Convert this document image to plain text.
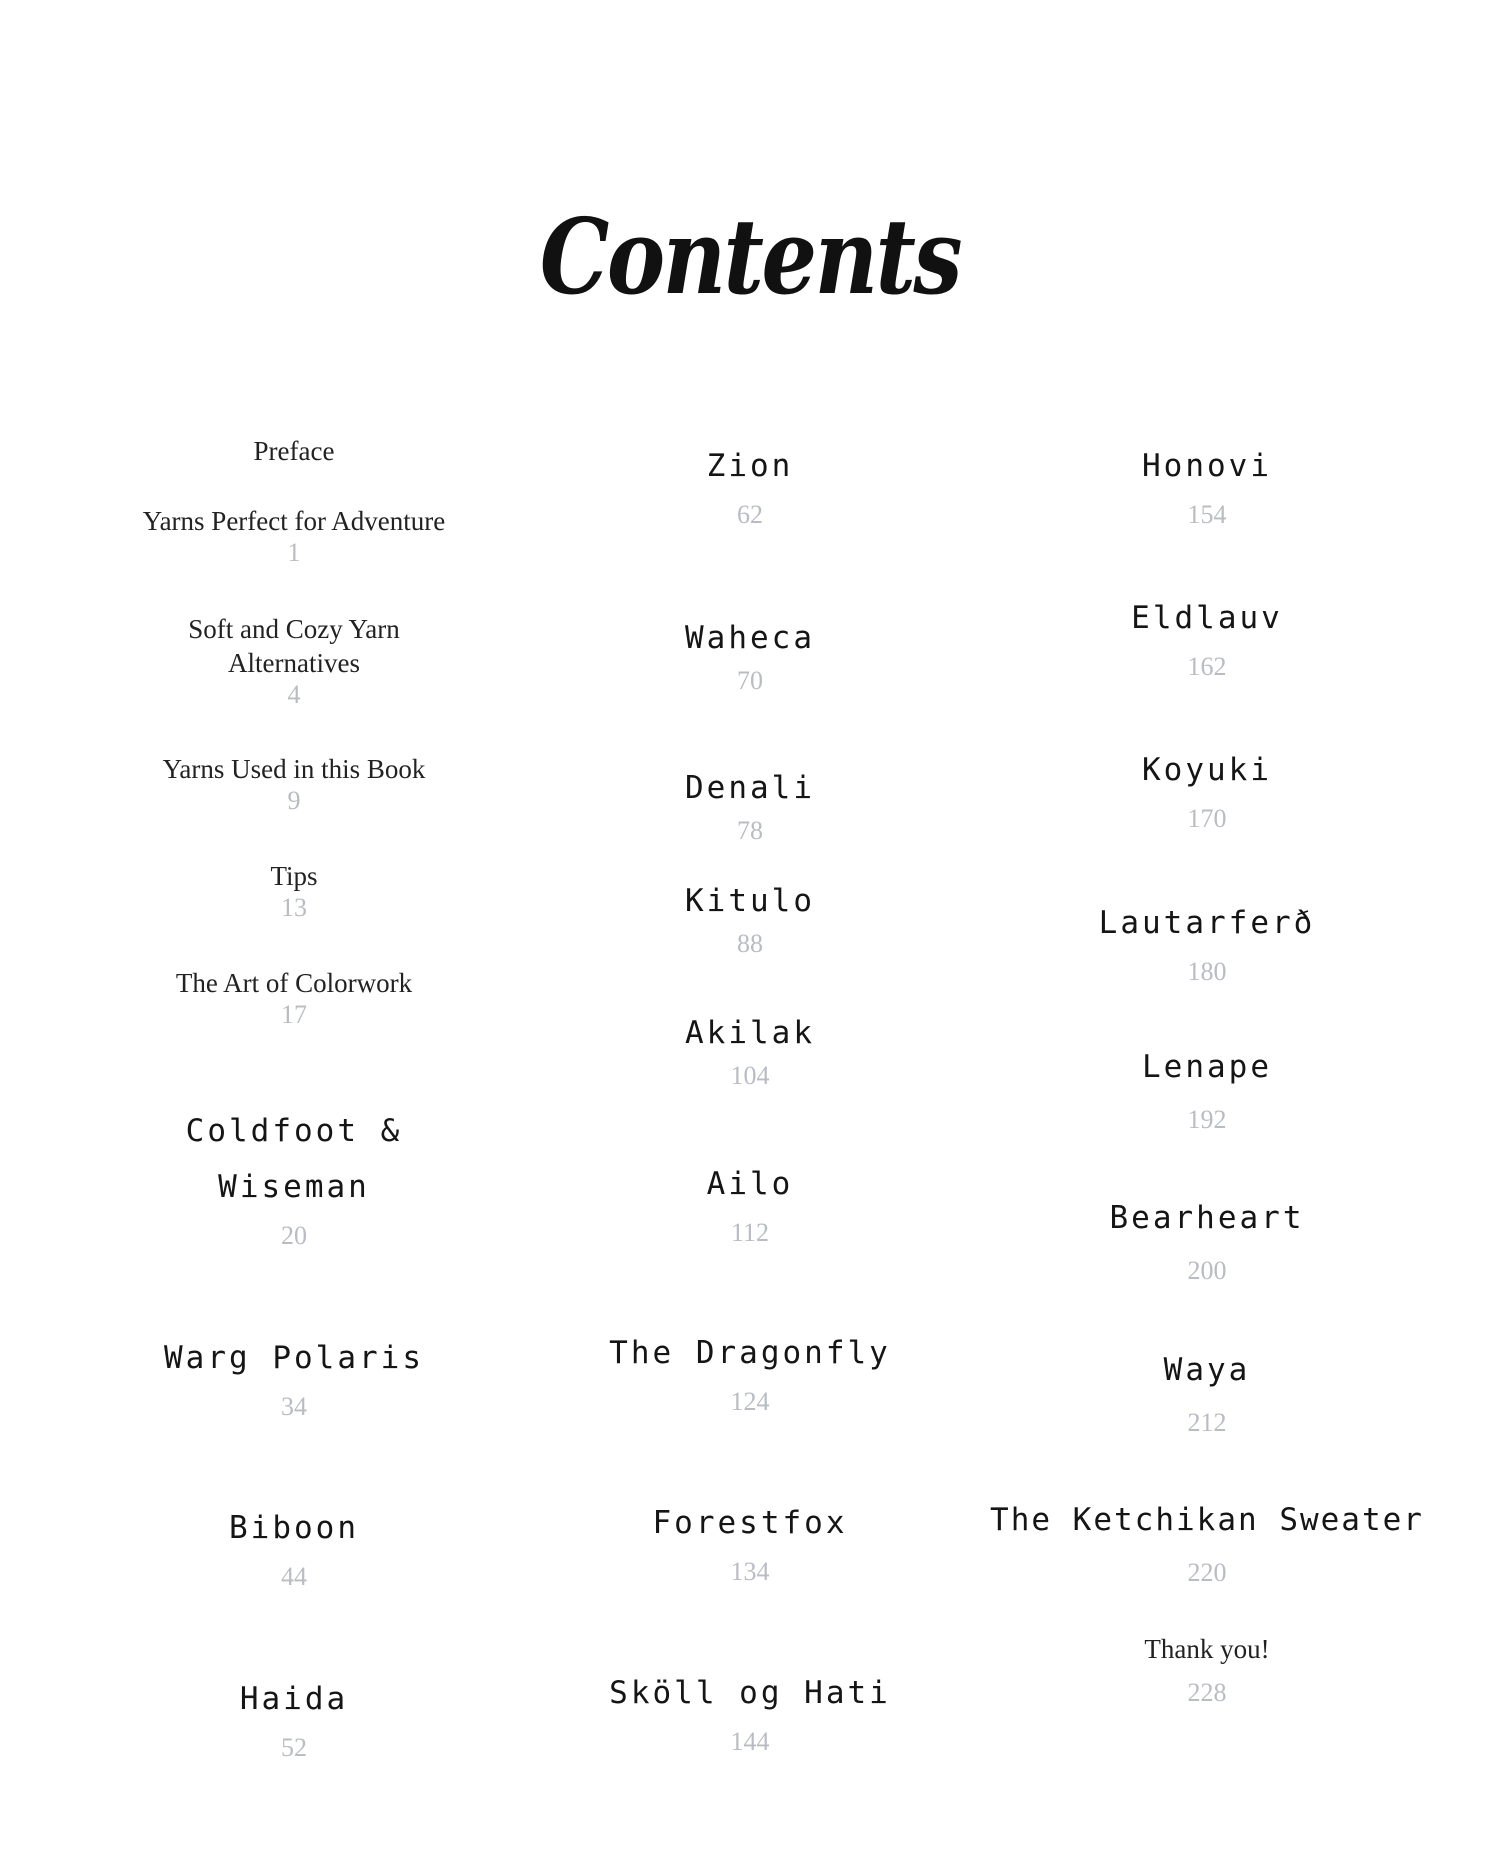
Contents
Preface
Yarns Perfect for Adventure
1
Soft and Cozy Yarn
Alternatives
4
Yarns Used in this Book
9
Tips
13
The Art of Colorwork
17
Coldfoot &
Wiseman
20
Warg Polaris
34
Biboon
44
Haida
52
Zion
62
Waheca
70
Denali
78
Kitulo
88
Akilak
104
Ailo
112
The Dragonfly
124
Forestfox
134
Sköll og Hati
144
Honovi
154
Eldlauv
162
Koyuki
170
Lautarferð
180
Lenape
192
Bearheart
200
Waya
212
The Ketchikan Sweater
220
Thank you!
228
